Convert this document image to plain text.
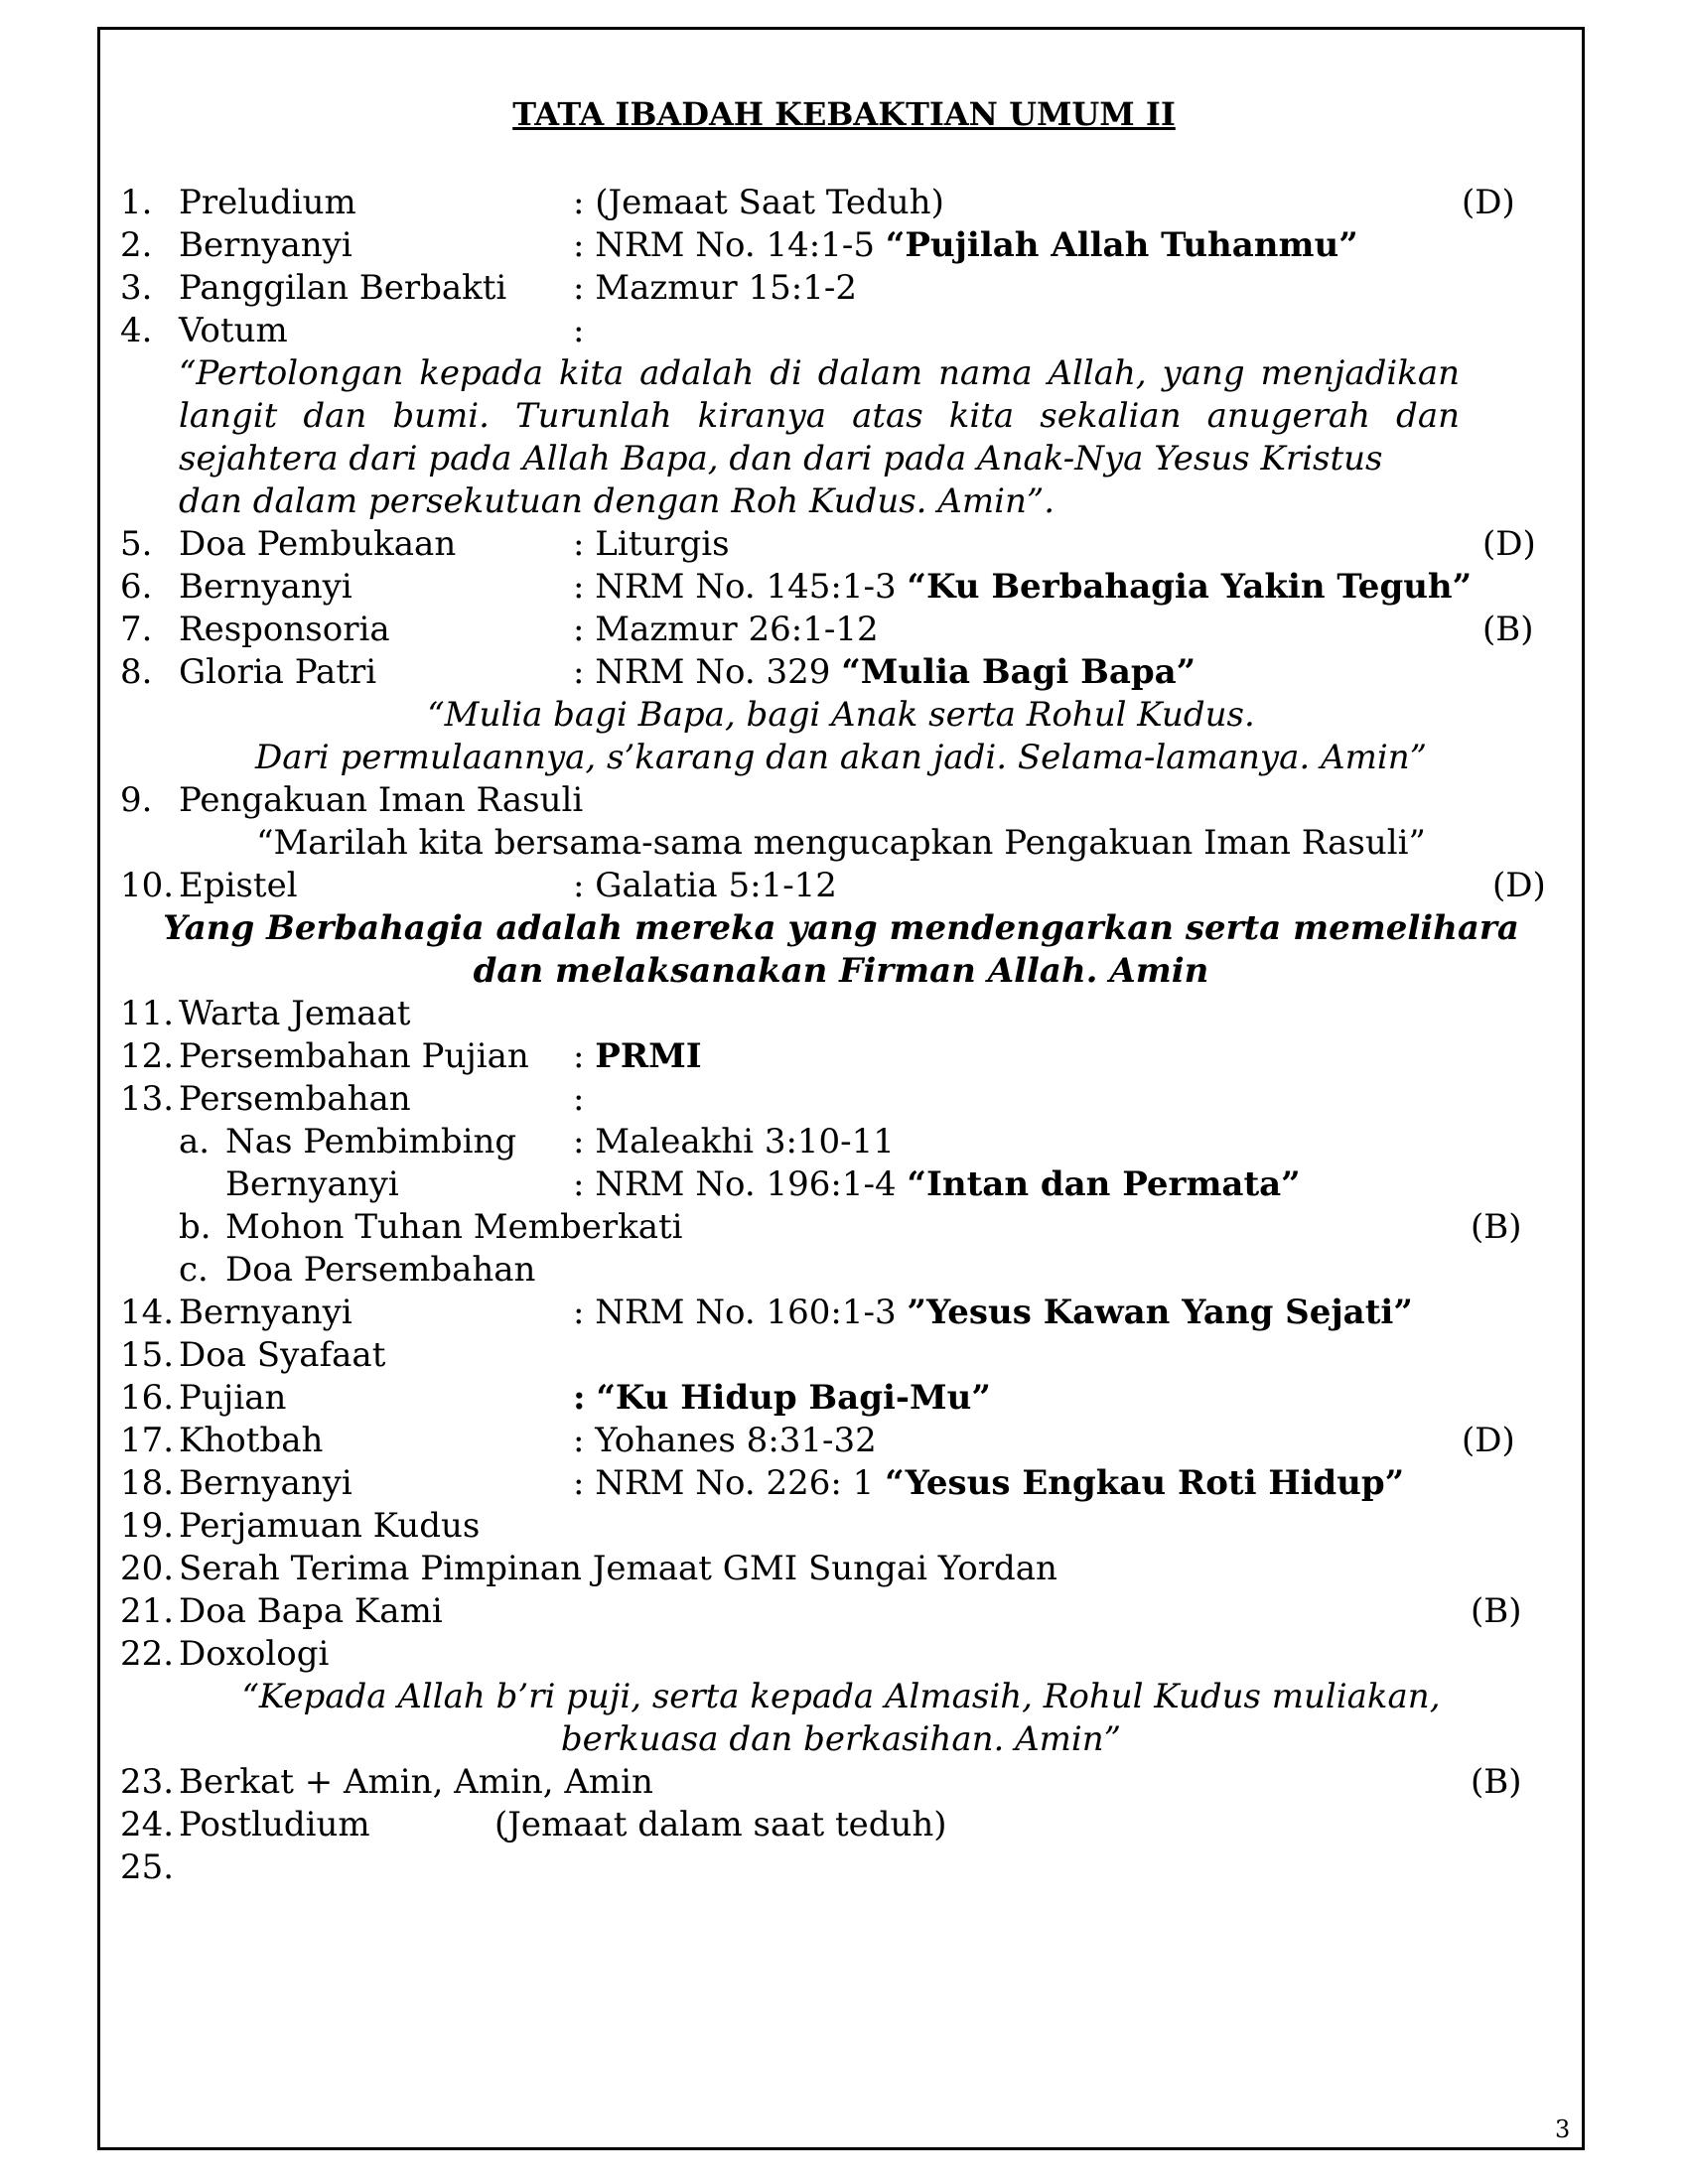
TATA IBADAH KEBAKTIAN UMUM II
1. Preludium	: (Jemaat Saat Teduh)	(D)
2. Bernyanyi	: NRM No. 14:1-5 “Pujilah Allah Tuhanmu”
3. Panggilan Berbakti : Mazmur 15:1-2
4. Votum	:
“Pertolongan kepada kita adalah di dalam nama Allah, yang menjadikan langit dan bumi. Turunlah kiranya atas kita sekalian anugerah dan sejahtera dari pada Allah Bapa, dan dari pada Anak-Nya Yesus Kristus
dan dalam persekutuan dengan Roh Kudus. Amin”.
5. Doa Pembukaan	: Liturgis	(D)
6. Bernyanyi	: NRM No. 145:1-3 “Ku Berbahagia Yakin Teguh”
7. Responsoria	: Mazmur 26:1-12	(B)
8. Gloria Patri	: NRM No. 329 “Mulia Bagi Bapa”
“Mulia bagi Bapa, bagi Anak serta Rohul Kudus.
Dari permulaannya, s’karang dan akan jadi. Selama-lamanya. Amin”
9. Pengakuan Iman Rasuli
“Marilah kita bersama-sama mengucapkan Pengakuan Iman Rasuli”
10. Epistel	: Galatia 5:1-12	(D)
Yang Berbahagia adalah mereka yang mendengarkan serta memelihara
dan melaksanakan Firman Allah. Amin
11. Warta Jemaat
12. Persembahan Pujian : PRMI
13. Persembahan	:
a. Nas Pembimbing : Maleakhi 3:10-11
Bernyanyi	: NRM No. 196:1-4 “Intan dan Permata”
b. Mohon Tuhan Memberkati	(B)
c. Doa Persembahan
14. Bernyanyi	: NRM No. 160:1-3 ”Yesus Kawan Yang Sejati”
15. Doa Syafaat
16. Pujian	: “Ku Hidup Bagi-Mu”
17. Khotbah	: Yohanes 8:31-32	(D)
18. Bernyanyi	: NRM No. 226: 1 “Yesus Engkau Roti Hidup”
19. Perjamuan Kudus
20. Serah Terima Pimpinan Jemaat GMI Sungai Yordan
21. Doa Bapa Kami	(B)
22. Doxologi
“Kepada Allah b’ri puji, serta kepada Almasih, Rohul Kudus muliakan,
berkuasa dan berkasihan. Amin”
23. Berkat + Amin, Amin, Amin	(B)
24. Postludium	(Jemaat dalam saat teduh)
25.
3
